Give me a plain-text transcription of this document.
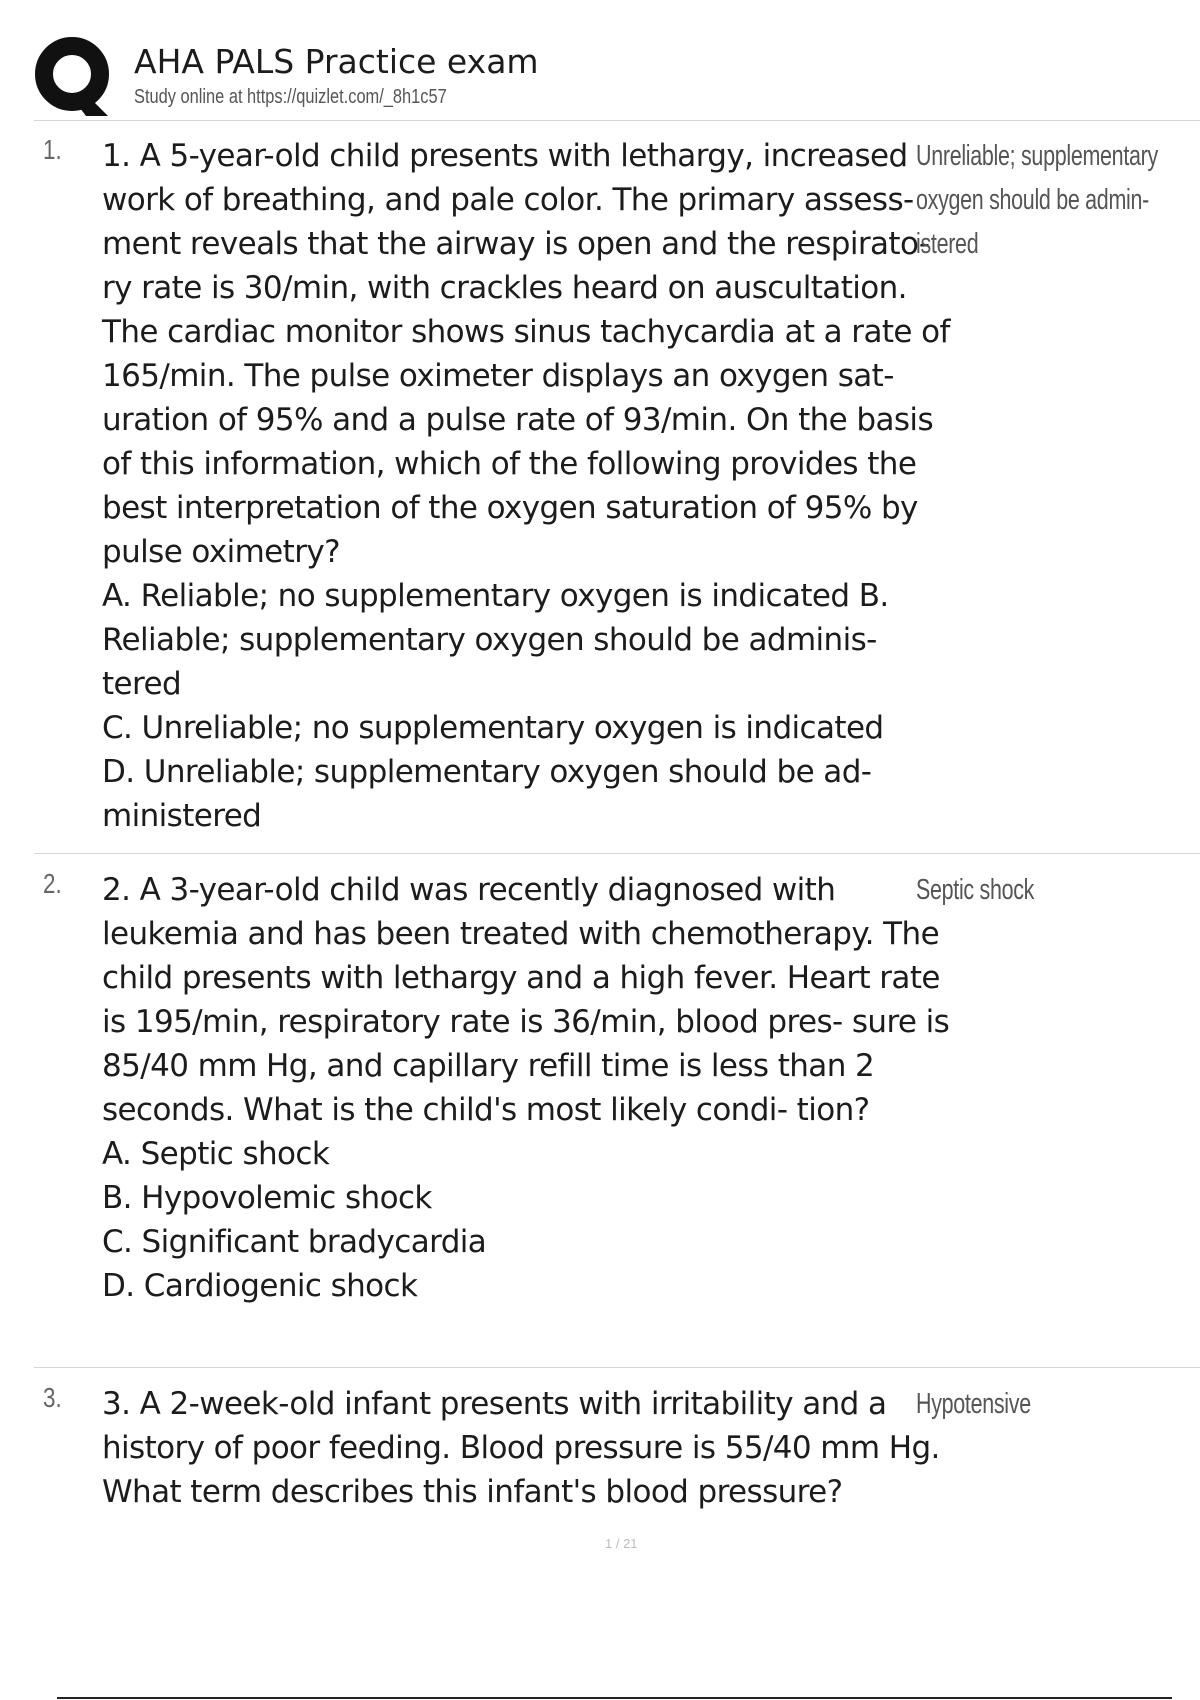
AHA PALS Practice exam
Study online at https://quizlet.com/_8h1c57
1. 1. A 5-year-old child presents with lethargy, increased work of breathing, and pale color. The primary assess- ment reveals that the airway is open and the respirato- ry rate is 30/min, with crackles heard on auscultation. The cardiac monitor shows sinus tachycardia at a rate of 165/min. The pulse oximeter displays an oxygen sat- uration of 95% and a pulse rate of 93/min. On the basis of this information, which of the following provides the best interpretation of the oxygen saturation of 95% by pulse oximetry?

A. Reliable; no supplementary oxygen is indicated B. Reliable; supplementary oxygen should be adminis- tered
C. Unreliable; no supplementary oxygen is indicated
D. Unreliable; supplementary oxygen should be ad- ministered
Unreliable; supplementary oxygen should be admin- istered
2. 2. A 3-year-old child was recently diagnosed with leukemia and has been treated with chemotherapy. The child presents with lethargy and a high fever. Heart rate is 195/min, respiratory rate is 36/min, blood pres- sure is 85/40 mm Hg, and capillary refill time is less than 2 seconds. What is the child's most likely condi- tion?

A. Septic shock
B. Hypovolemic shock
C. Significant bradycardia
D. Cardiogenic shock
Septic shock
3. 3. A 2-week-old infant presents with irritability and a history of poor feeding. Blood pressure is 55/40 mm Hg. What term describes this infant's blood pressure?

Hypotensive
1 / 21
